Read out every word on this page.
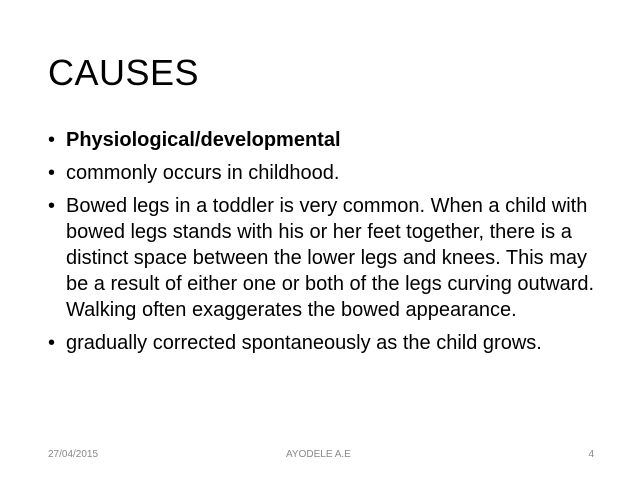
CAUSES
• Physiological/developmental
• commonly occurs in childhood.
• Bowed legs in a toddler is very common. When a child with bowed legs stands with his or her feet together, there is a distinct space between the lower legs and knees. This may be a result of either one or both of the legs curving outward. Walking often exaggerates the bowed appearance.
• gradually corrected spontaneously as the child grows.
27/04/2015	AYODELE A.E	4
